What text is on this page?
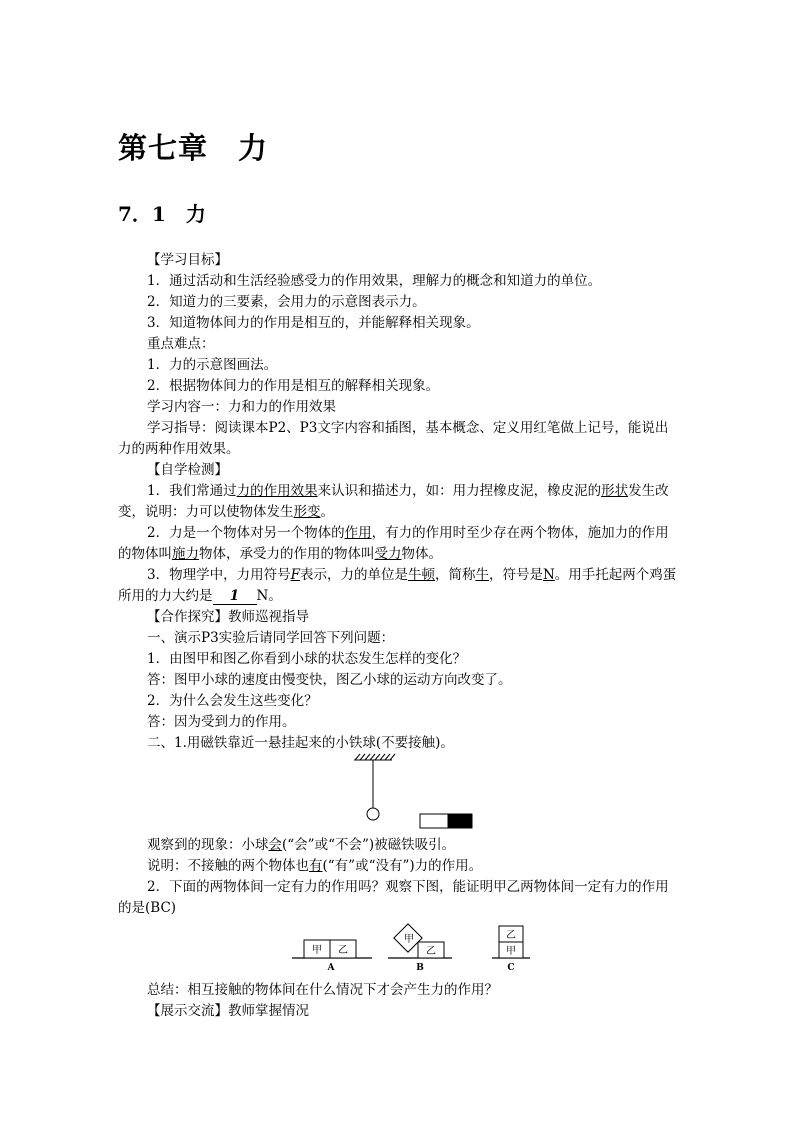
第七章　力
7．1　力
【学习目标】
1．通过活动和生活经验感受力的作用效果，理解力的概念和知道力的单位。
2．知道力的三要素，会用力的示意图表示力。
3．知道物体间力的作用是相互的，并能解释相关现象。
重点难点：
1．力的示意图画法。
2．根据物体间力的作用是相互的解释相关现象。
学习内容一：力和力的作用效果
学习指导：阅读课本P2、P3文字内容和插图，基本概念、定义用红笔做上记号，能说出
力的两种作用效果。
【自学检测】
1．我们常通过力的作用效果来认识和描述力，如：用力捏橡皮泥，橡皮泥的形状发生改
变，说明：力可以使物体发生形变。
2．力是一个物体对另一个物体的作用，有力的作用时至少存在两个物体，施加力的作用
的物体叫施力物体，承受力的作用的物体叫受力物体。
3．物理学中，力用符号F表示，力的单位是牛顿，简称牛，符号是N。用手托起两个鸡蛋
所用的力大约是 1 N。
【合作探究】教师巡视指导
一、演示P3实验后请同学回答下列问题：
1．由图甲和图乙你看到小球的状态发生怎样的变化？
答：图甲小球的速度由慢变快，图乙小球的运动方向改变了。
2．为什么会发生这些变化？
答：因为受到力的作用。
二、1.用磁铁靠近一悬挂起来的小铁球(不要接触)。
观察到的现象：小球会(“会”或“不会”)被磁铁吸引。
说明：不接触的两个物体也有(“有”或“没有”)力的作用。
2．下面的两物体间一定有力的作用吗？观察下图，能证明甲乙两物体间一定有力的作用
的是(BC)
甲 乙
A
甲
乙
B
甲
乙
C
总结：相互接触的物体间在什么情况下才会产生力的作用？
【展示交流】教师掌握情况
